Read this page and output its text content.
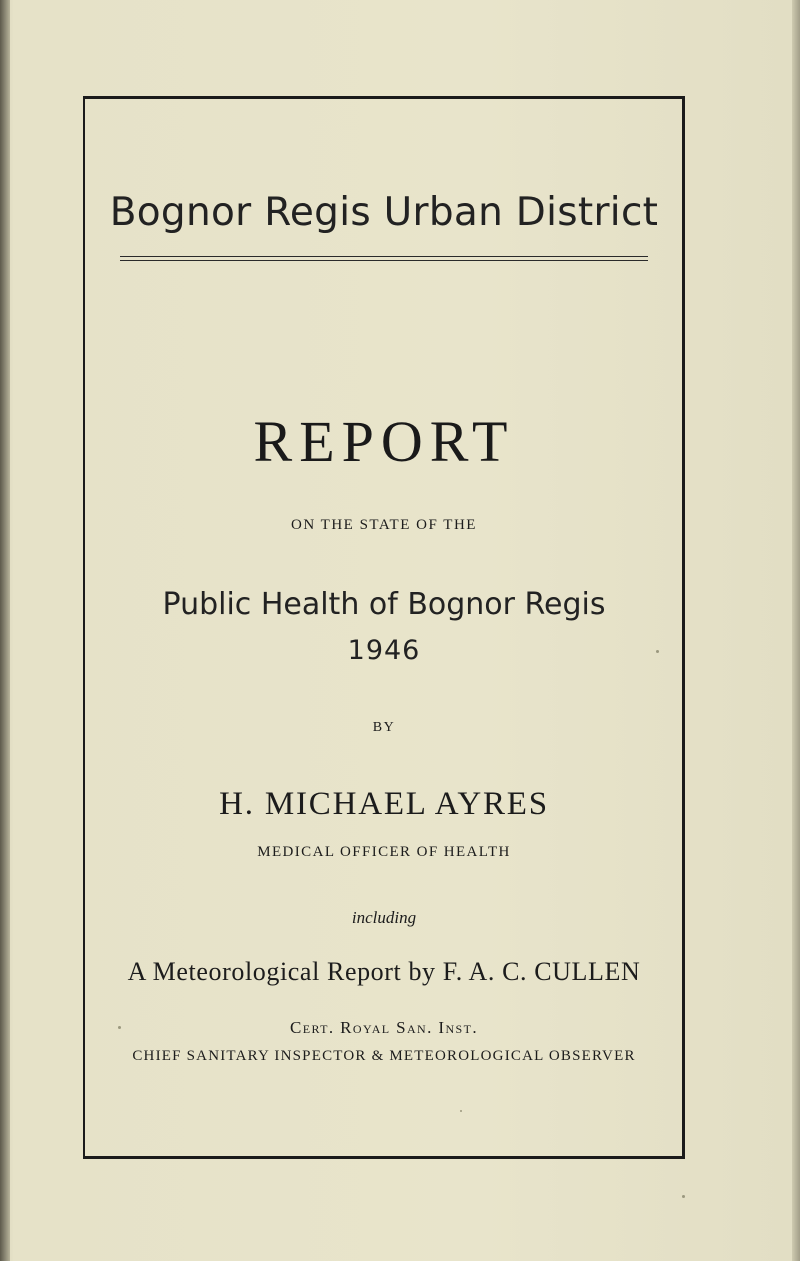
Bognor Regis Urban District
REPORT
ON THE STATE OF THE
Public Health of Bognor Regis
1946
BY
H. MICHAEL AYRES
MEDICAL OFFICER OF HEALTH
including
A Meteorological Report by F. A. C. CULLEN
Cert. Royal San. Inst.
CHIEF SANITARY INSPECTOR & METEOROLOGICAL OBSERVER
